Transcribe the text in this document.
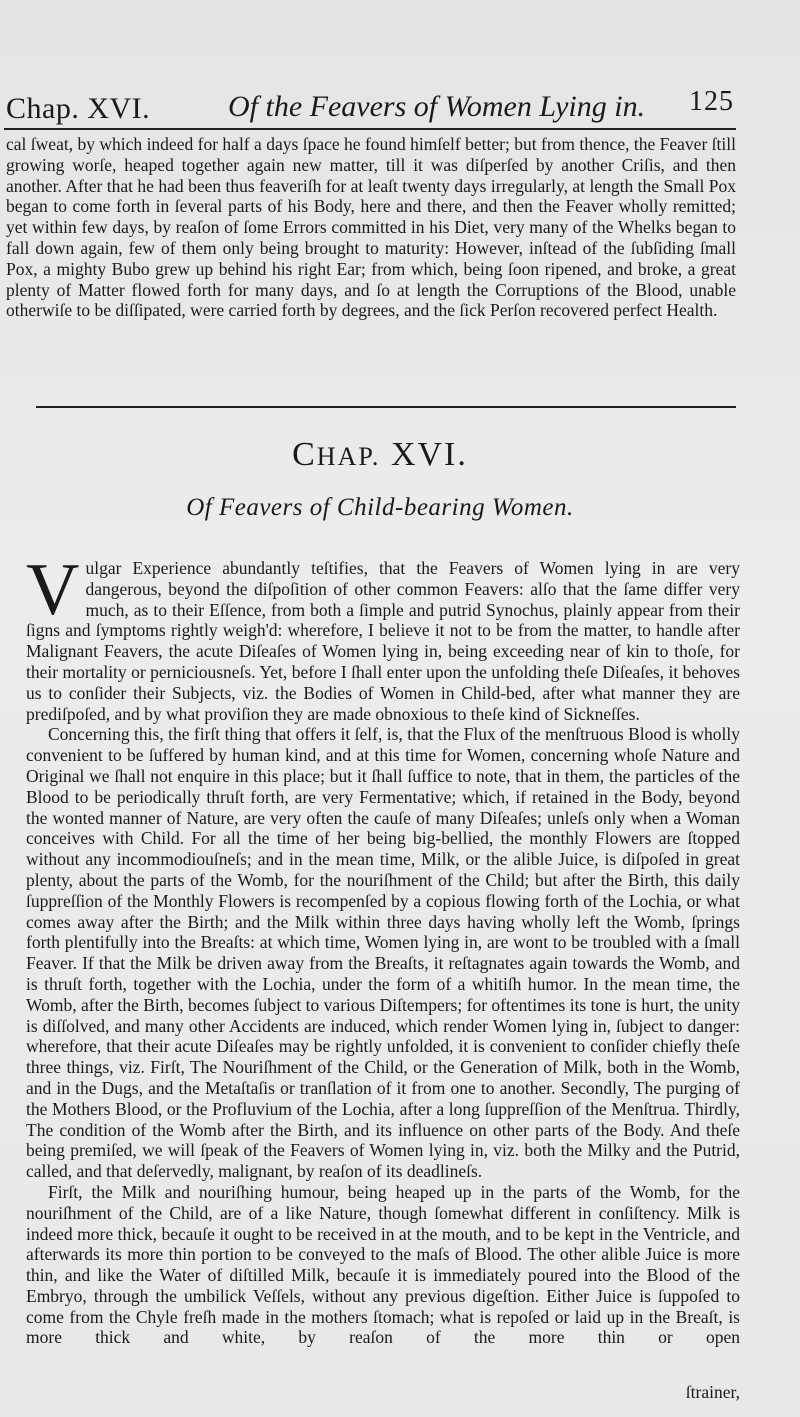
Chap. XVI.	Of the Feavers of Women Lying in. 125

cal ſweat, by which indeed for half a days ſpace he found himſelf better; but from thence, the Feaver ſtill growing worſe, heaped together again new matter, till it was diſperſed by another Criſis, and then another. After that he had been thus feaveriſh for at leaſt twenty days irregularly, at length the Small Pox began to come forth in ſeveral parts of his Body, here and there, and then the Feaver wholly remitted; yet within few days, by reaſon of ſome Errors committed in his Diet, very many of the Whelks began to fall down again, few of them only being brought to maturity: However, inſtead of the ſubſiding ſmall Pox, a mighty Bubo grew up behind his right Ear; from which, being ſoon ripened, and broke, a great plenty of Matter flowed forth for many days, and ſo at length the Corruptions of the Blood, unable otherwiſe to be diſſipated, were carried forth by degrees, and the ſick Perſon recovered perfect Health.

CHAP. XVI.
Of Feavers of Child-bearing Women.

Vulgar Experience abundantly teſtifies, that the Feavers of Women lying in are very dangerous, beyond the diſpoſition of other common Feavers: alſo that the ſame differ very much, as to their Eſſence, from both a ſimple and putrid Synochus, plainly appear from their ſigns and ſymptoms rightly weigh'd: wherefore, I believe it not to be from the matter, to handle after Malignant Feavers, the acute Diſeaſes of Women lying in, being exceeding near of kin to thoſe, for their mortality or perniciousneſs. Yet, before I ſhall enter upon the unfolding theſe Diſeaſes, it behoves us to conſider their Subjects, viz. the Bodies of Women in Child-bed, after what manner they are prediſpoſed, and by what proviſion they are made obnoxious to theſe kind of Sickneſſes.

Concerning this, the firſt thing that offers it ſelf, is, that the Flux of the menſtruous Blood is wholly convenient to be ſuffered by human kind, and at this time for Women, concerning whoſe Nature and Original we ſhall not enquire in this place; but it ſhall ſuffice to note, that in them, the particles of the Blood to be periodically thruſt forth, are very Fermentative; which, if retained in the Body, beyond the wonted manner of Nature, are very often the cauſe of many Diſeaſes; unleſs only when a Woman conceives with Child. For all the time of her being big-bellied, the monthly Flowers are ſtopped without any incommodiouſneſs; and in the mean time, Milk, or the alible Juice, is diſpoſed in great plenty, about the parts of the Womb, for the nouriſhment of the Child; but after the Birth, this daily ſuppreſſion of the Monthly Flowers is recompenſed by a copious flowing forth of the Lochia, or what comes away after the Birth; and the Milk within three days having wholly left the Womb, ſprings forth plentifully into the Breaſts: at which time, Women lying in, are wont to be troubled with a ſmall Feaver. If that the Milk be driven away from the Breaſts, it reſtagnates again towards the Womb, and is thruſt forth, together with the Lochia, under the form of a whitiſh humor. In the mean time, the Womb, after the Birth, becomes ſubject to various Diſtempers; for oftentimes its tone is hurt, the unity is diſſolved, and many other Accidents are induced, which render Women lying in, ſubject to danger: wherefore, that their acute Diſeaſes may be rightly unfolded, it is convenient to conſider chiefly theſe three things, viz. Firſt, The Nouriſhment of the Child, or the Generation of Milk, both in the Womb, and in the Dugs, and the Metaſtaſis or tranſlation of it from one to another. Secondly, The purging of the Mothers Blood, or the Profluvium of the Lochia, after a long ſuppreſſion of the Menſtrua. Thirdly, The condition of the Womb after the Birth, and its influence on other parts of the Body. And theſe being premiſed, we will ſpeak of the Feavers of Women lying in, viz. both the Milky and the Putrid, called, and that deſervedly, malignant, by reaſon of its deadlineſs.

Firſt, the Milk and nouriſhing humour, being heaped up in the parts of the Womb, for the nouriſhment of the Child, are of a like Nature, though ſomewhat different in conſiſtency. Milk is indeed more thick, becauſe it ought to be received in at the mouth, and to be kept in the Ventricle, and afterwards its more thin portion to be conveyed to the maſs of Blood. The other alible Juice is more thin, and like the Water of diſtilled Milk, becauſe it is immediately poured into the Blood of the Embryo, through the umbilick Veſſels, without any previous digeſtion. Either Juice is ſuppoſed to come from the Chyle freſh made in the mothers ſtomach; what is repoſed or laid up in the Breaſt, is more thick and white, by reaſon of the more thin or open

ſtrainer,
